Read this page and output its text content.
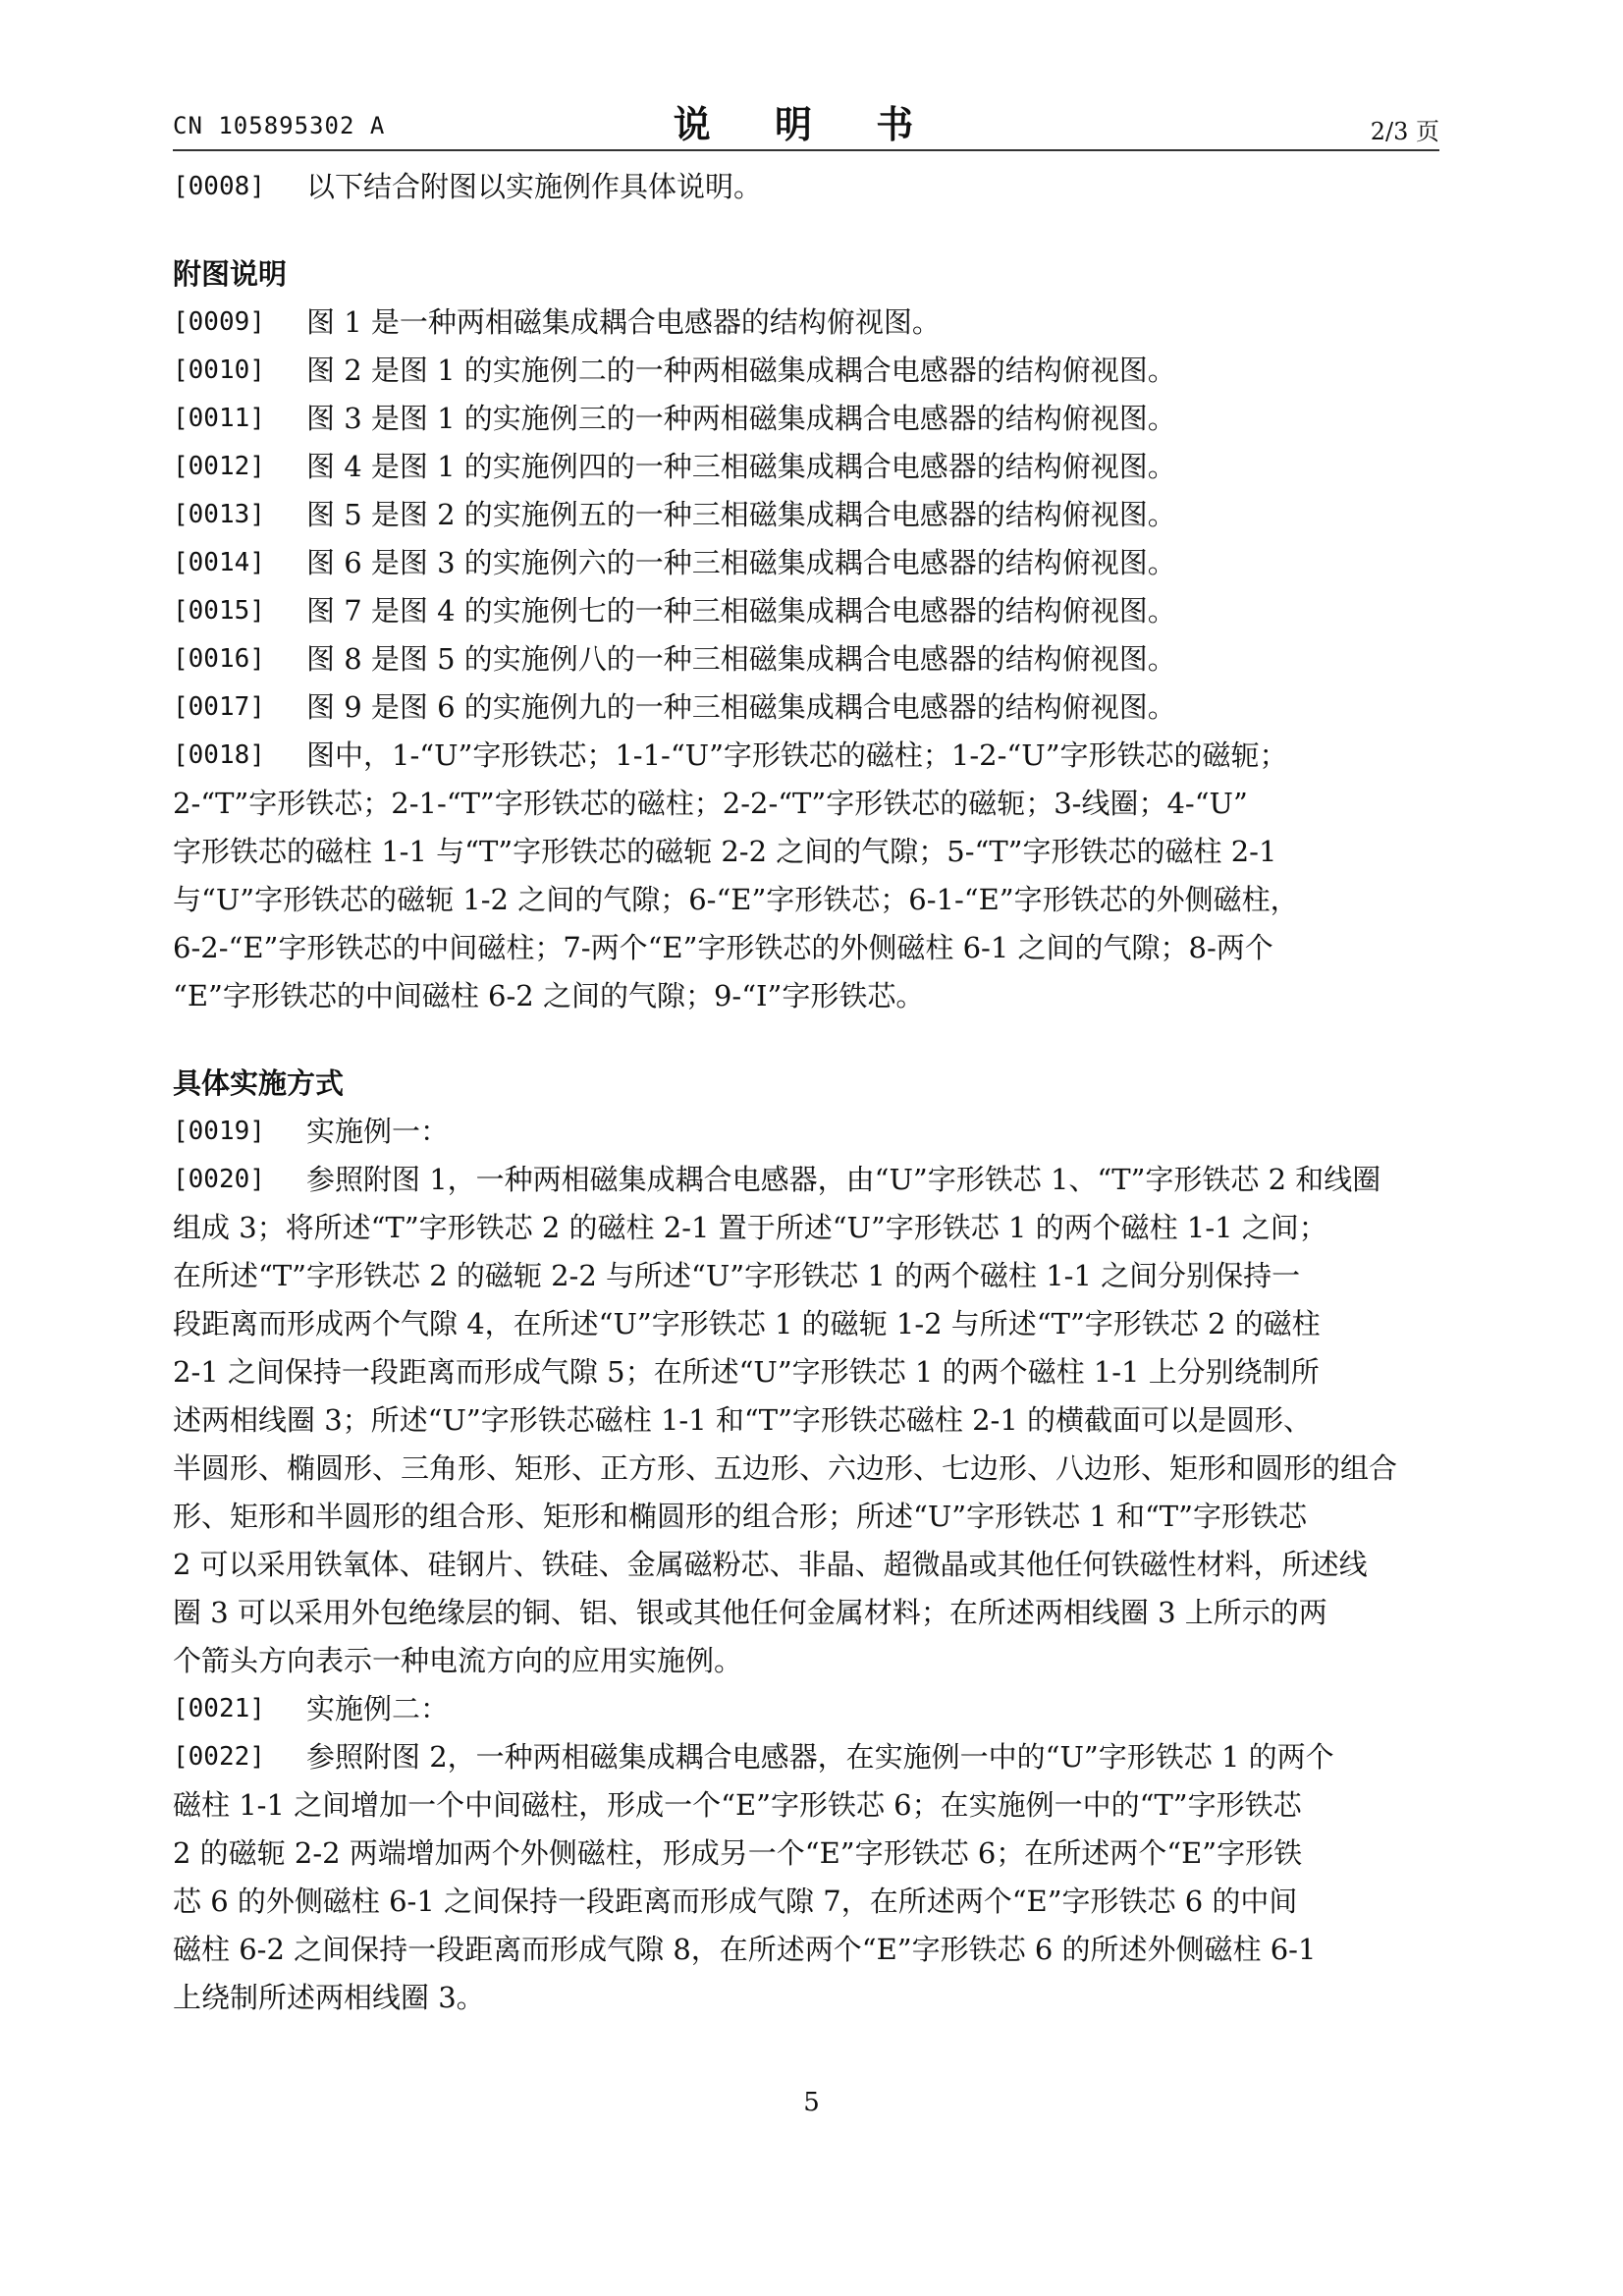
CN 105895302 A	说 明 书	2/3 页
[0008] 以下结合附图以实施例作具体说明。
附图说明
[0009] 图 1 是一种两相磁集成耦合电感器的结构俯视图。
[0010] 图 2 是图 1 的实施例二的一种两相磁集成耦合电感器的结构俯视图。
[0011] 图 3 是图 1 的实施例三的一种两相磁集成耦合电感器的结构俯视图。
[0012] 图 4 是图 1 的实施例四的一种三相磁集成耦合电感器的结构俯视图。
[0013] 图 5 是图 2 的实施例五的一种三相磁集成耦合电感器的结构俯视图。
[0014] 图 6 是图 3 的实施例六的一种三相磁集成耦合电感器的结构俯视图。
[0015] 图 7 是图 4 的实施例七的一种三相磁集成耦合电感器的结构俯视图。
[0016] 图 8 是图 5 的实施例八的一种三相磁集成耦合电感器的结构俯视图。
[0017] 图 9 是图 6 的实施例九的一种三相磁集成耦合电感器的结构俯视图。
[0018] 图中，1-“U”字形铁芯；1-1-“U”字形铁芯的磁柱；1-2-“U”字形铁芯的磁轭；
2-“T”字形铁芯；2-1-“T”字形铁芯的磁柱；2-2-“T”字形铁芯的磁轭；3-线圈；4-“U”
字形铁芯的磁柱 1-1 与“T”字形铁芯的磁轭 2-2 之间的气隙；5-“T”字形铁芯的磁柱 2-1
与“U”字形铁芯的磁轭 1-2 之间的气隙；6-“E”字形铁芯；6-1-“E”字形铁芯的外侧磁柱，
6-2-“E”字形铁芯的中间磁柱；7-两个“E”字形铁芯的外侧磁柱 6-1 之间的气隙；8-两个
“E”字形铁芯的中间磁柱 6-2 之间的气隙；9-“I”字形铁芯。
具体实施方式
[0019] 实施例一：
[0020] 参照附图 1，一种两相磁集成耦合电感器，由“U”字形铁芯 1、“T”字形铁芯 2 和线圈
组成 3；将所述“T”字形铁芯 2 的磁柱 2-1 置于所述“U”字形铁芯 1 的两个磁柱 1-1 之间；
在所述“T”字形铁芯 2 的磁轭 2-2 与所述“U”字形铁芯 1 的两个磁柱 1-1 之间分别保持一
段距离而形成两个气隙 4，在所述“U”字形铁芯 1 的磁轭 1-2 与所述“T”字形铁芯 2 的磁柱
2-1 之间保持一段距离而形成气隙 5；在所述“U”字形铁芯 1 的两个磁柱 1-1 上分别绕制所
述两相线圈 3；所述“U”字形铁芯磁柱 1-1 和“T”字形铁芯磁柱 2-1 的横截面可以是圆形、
半圆形、椭圆形、三角形、矩形、正方形、五边形、六边形、七边形、八边形、矩形和圆形的组合
形、矩形和半圆形的组合形、矩形和椭圆形的组合形；所述“U”字形铁芯 1 和“T”字形铁芯
2 可以采用铁氧体、硅钢片、铁硅、金属磁粉芯、非晶、超微晶或其他任何铁磁性材料，所述线
圈 3 可以采用外包绝缘层的铜、铝、银或其他任何金属材料；在所述两相线圈 3 上所示的两
个箭头方向表示一种电流方向的应用实施例。
[0021] 实施例二：
[0022] 参照附图 2，一种两相磁集成耦合电感器，在实施例一中的“U”字形铁芯 1 的两个
磁柱 1-1 之间增加一个中间磁柱，形成一个“E”字形铁芯 6；在实施例一中的“T”字形铁芯
2 的磁轭 2-2 两端增加两个外侧磁柱，形成另一个“E”字形铁芯 6；在所述两个“E”字形铁
芯 6 的外侧磁柱 6-1 之间保持一段距离而形成气隙 7，在所述两个“E”字形铁芯 6 的中间
磁柱 6-2 之间保持一段距离而形成气隙 8，在所述两个“E”字形铁芯 6 的所述外侧磁柱 6-1
上绕制所述两相线圈 3。
5
